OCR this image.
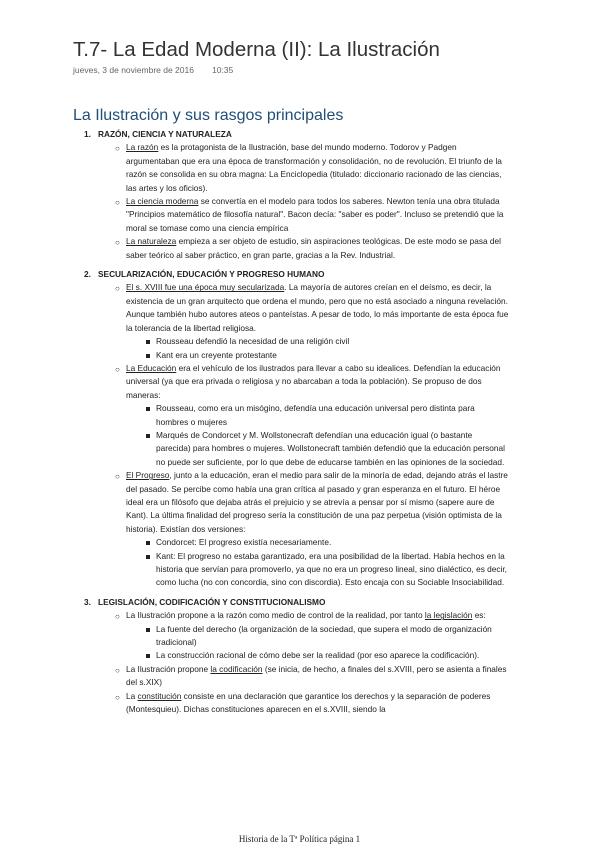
T.7- La Edad Moderna (II): La Ilustración
jueves, 3 de noviembre de 2016 10:35
La Ilustración y sus rasgos principales
1. RAZÓN, CIENCIA Y NATURALEZA
○ La razón es la protagonista de la Ilustración, base del mundo moderno. Todorov y Padgen argumentaban que era una época de transformación y consolidación, no de revolución. El triunfo de la razón se consolida en su obra magna: La Enciclopedia (titulado: diccionario racionado de las ciencias, las artes y los oficios).
○ La ciencia moderna se convertía en el modelo para todos los saberes. Newton tenía una obra titulada "Principios matemático de filosofía natural". Bacon decía: "saber es poder". Incluso se pretendió que la moral se tomase como una ciencia empírica
○ La naturaleza empieza a ser objeto de estudio, sin aspiraciones teológicas. De este modo se pasa del saber teórico al saber práctico, en gran parte, gracias a la Rev. Industrial.
2. SECULARIZACIÓN, EDUCACIÓN Y PROGRESO HUMANO
○ El s. XVIII fue una época muy secularizada. La mayoría de autores creían en el deísmo, es decir, la existencia de un gran arquitecto que ordena el mundo, pero que no está asociado a ninguna revelación. Aunque también hubo autores ateos o panteístas. A pesar de todo, lo más importante de esta época fue la tolerancia de la libertad religiosa.
Rousseau defendió la necesidad de una religión civil
Kant era un creyente protestante
○ La Educación era el vehículo de los ilustrados para llevar a cabo su idealices. Defendían la educación universal (ya que era privada o religiosa y no abarcaban a toda la población). Se propuso de dos maneras:
Rousseau, como era un misógino, defendía una educación universal pero distinta para hombres o mujeres
Marqués de Condorcet y M. Wollstonecraft defendían una educación igual (o bastante parecida) para hombres o mujeres. Wollstonecraft también defendió que la educación personal no puede ser suficiente, por lo que debe de educarse también en las opiniones de la sociedad.
○ El Progreso, junto a la educación, eran el medio para salir de la minoría de edad, dejando atrás el lastre del pasado. Se percibe como había una gran crítica al pasado y gran esperanza en el futuro. El héroe ideal era un filósofo que dejaba atrás el prejuicio y se atrevía a pensar por sí mismo (sapere aure de Kant). La última finalidad del progreso sería la constitución de una paz perpetua (visión optimista de la historia). Existían dos versiones:
Condorcet: El progreso existía necesariamente.
Kant: El progreso no estaba garantizado, era una posibilidad de la libertad. Había hechos en la historia que servían para promoverlo, ya que no era un progreso lineal, sino dialéctico, es decir, como lucha (no con concordia, sino con discordia). Esto encaja con su Sociable Insociabilidad.
3. LEGISLACIÓN, CODIFICACIÓN Y CONSTITUCIONALISMO
○ La Ilustración propone a la razón como medio de control de la realidad, por tanto la legislación es:
La fuente del derecho (la organización de la sociedad, que supera el modo de organización tradicional)
La construcción racional de cómo debe ser la realidad (por eso aparece la codificación).
○ La Ilustración propone la codificación (se inicia, de hecho, a finales del s.XVIII, pero se asienta a finales del s.XIX)
○ La constitución consiste en una declaración que garantice los derechos y la separación de poderes (Montesquieu). Dichas constituciones aparecen en el s.XVIII, siendo la
Historia de la Tª Política página 1
